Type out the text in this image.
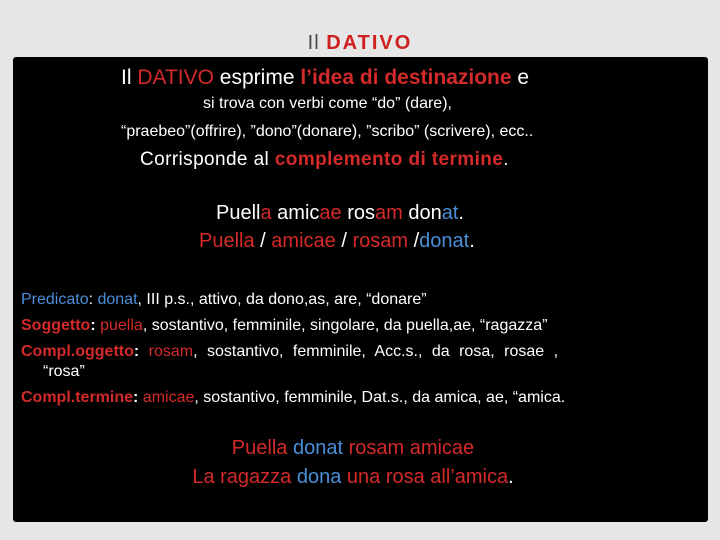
Il DATIVO
Il DATIVO esprime l’idea di destinazione e
si trova con verbi come “do” (dare),
“praebeo”(offrire), ”dono”(donare), ”scribo” (scrivere), ecc..
Corrisponde al complemento di termine.
Puella amicae rosam donat.
Puella / amicae / rosam /donat.
Predicato: donat, III p.s., attivo, da dono,as, are, “donare”
Soggetto: puella, sostantivo, femminile, singolare, da puella,ae, “ragazza”
Compl.oggetto: rosam, sostantivo, femminile, Acc.s., da rosa, rosae ,
“rosa”
Compl.termine: amicae, sostantivo, femminile, Dat.s., da amica, ae, “amica.
Puella donat rosam amicae
La ragazza dona una rosa all’amica.
